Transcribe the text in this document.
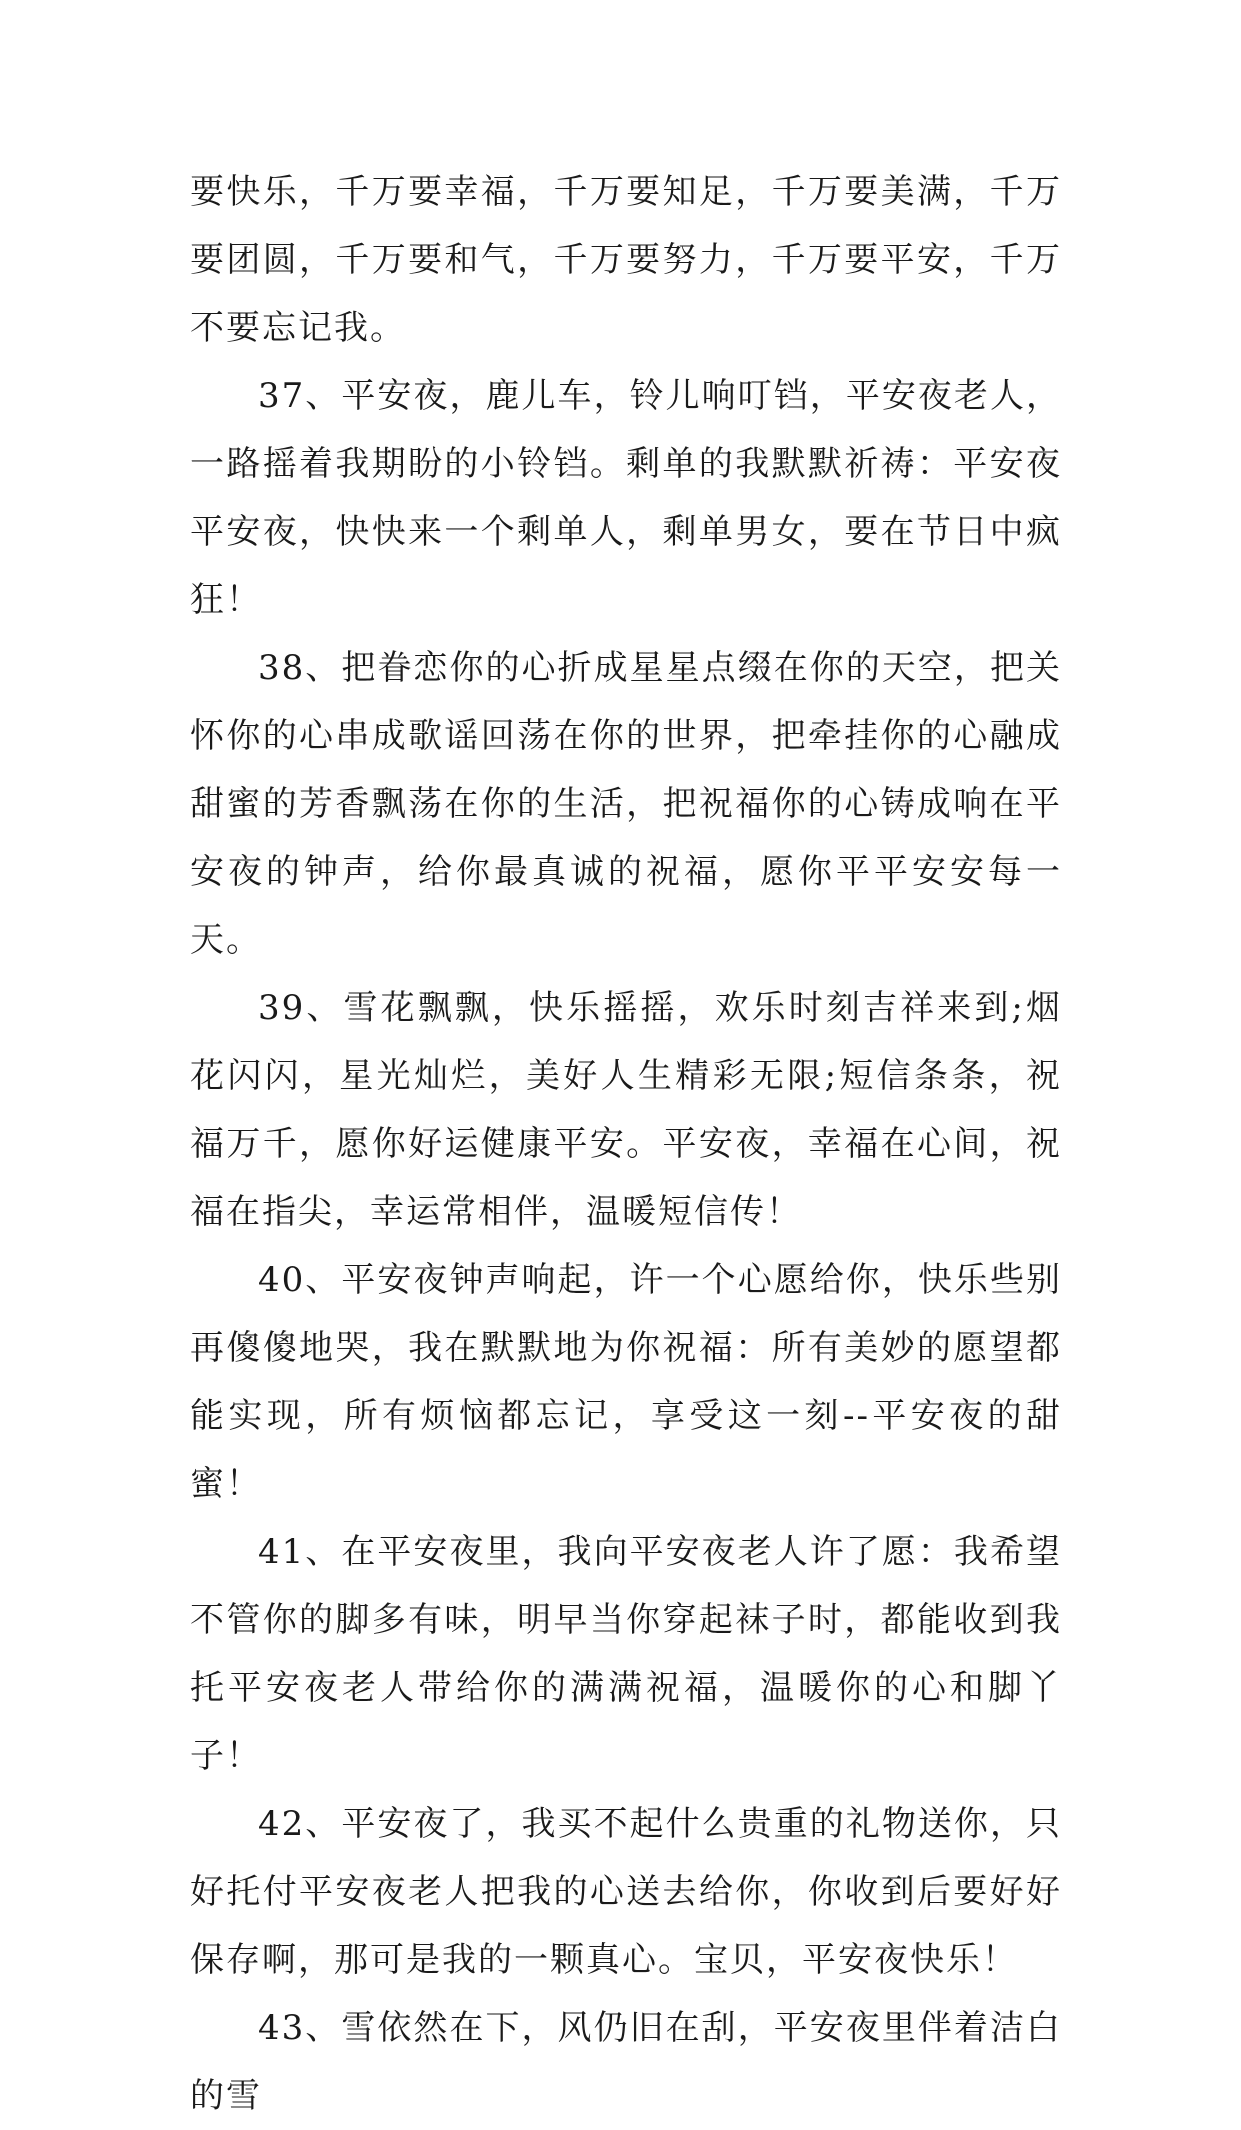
要快乐，千万要幸福，千万要知足，千万要美满，千万要团圆，千万要和气，千万要努力，千万要平安，千万不要忘记我。

37、平安夜，鹿儿车，铃儿响叮铛，平安夜老人，一路摇着我期盼的小铃铛。剩单的我默默祈祷：平安夜平安夜，快快来一个剩单人，剩单男女，要在节日中疯狂！

38、把眷恋你的心折成星星点缀在你的天空，把关怀你的心串成歌谣回荡在你的世界，把牵挂你的心融成甜蜜的芳香飘荡在你的生活，把祝福你的心铸成响在平安夜的钟声，给你最真诚的祝福，愿你平平安安每一天。

39、雪花飘飘，快乐摇摇，欢乐时刻吉祥来到;烟花闪闪，星光灿烂，美好人生精彩无限;短信条条，祝福万千，愿你好运健康平安。平安夜，幸福在心间，祝福在指尖，幸运常相伴，温暖短信传！

40、平安夜钟声响起，许一个心愿给你，快乐些别再傻傻地哭，我在默默地为你祝福：所有美妙的愿望都能实现，所有烦恼都忘记，享受这一刻--平安夜的甜蜜！

41、在平安夜里，我向平安夜老人许了愿：我希望不管你的脚多有味，明早当你穿起袜子时，都能收到我托平安夜老人带给你的满满祝福，温暖你的心和脚丫子！

42、平安夜了，我买不起什么贵重的礼物送你，只好托付平安夜老人把我的心送去给你，你收到后要好好保存啊，那可是我的一颗真心。宝贝，平安夜快乐！

43、雪依然在下，风仍旧在刮，平安夜里伴着洁白的雪
